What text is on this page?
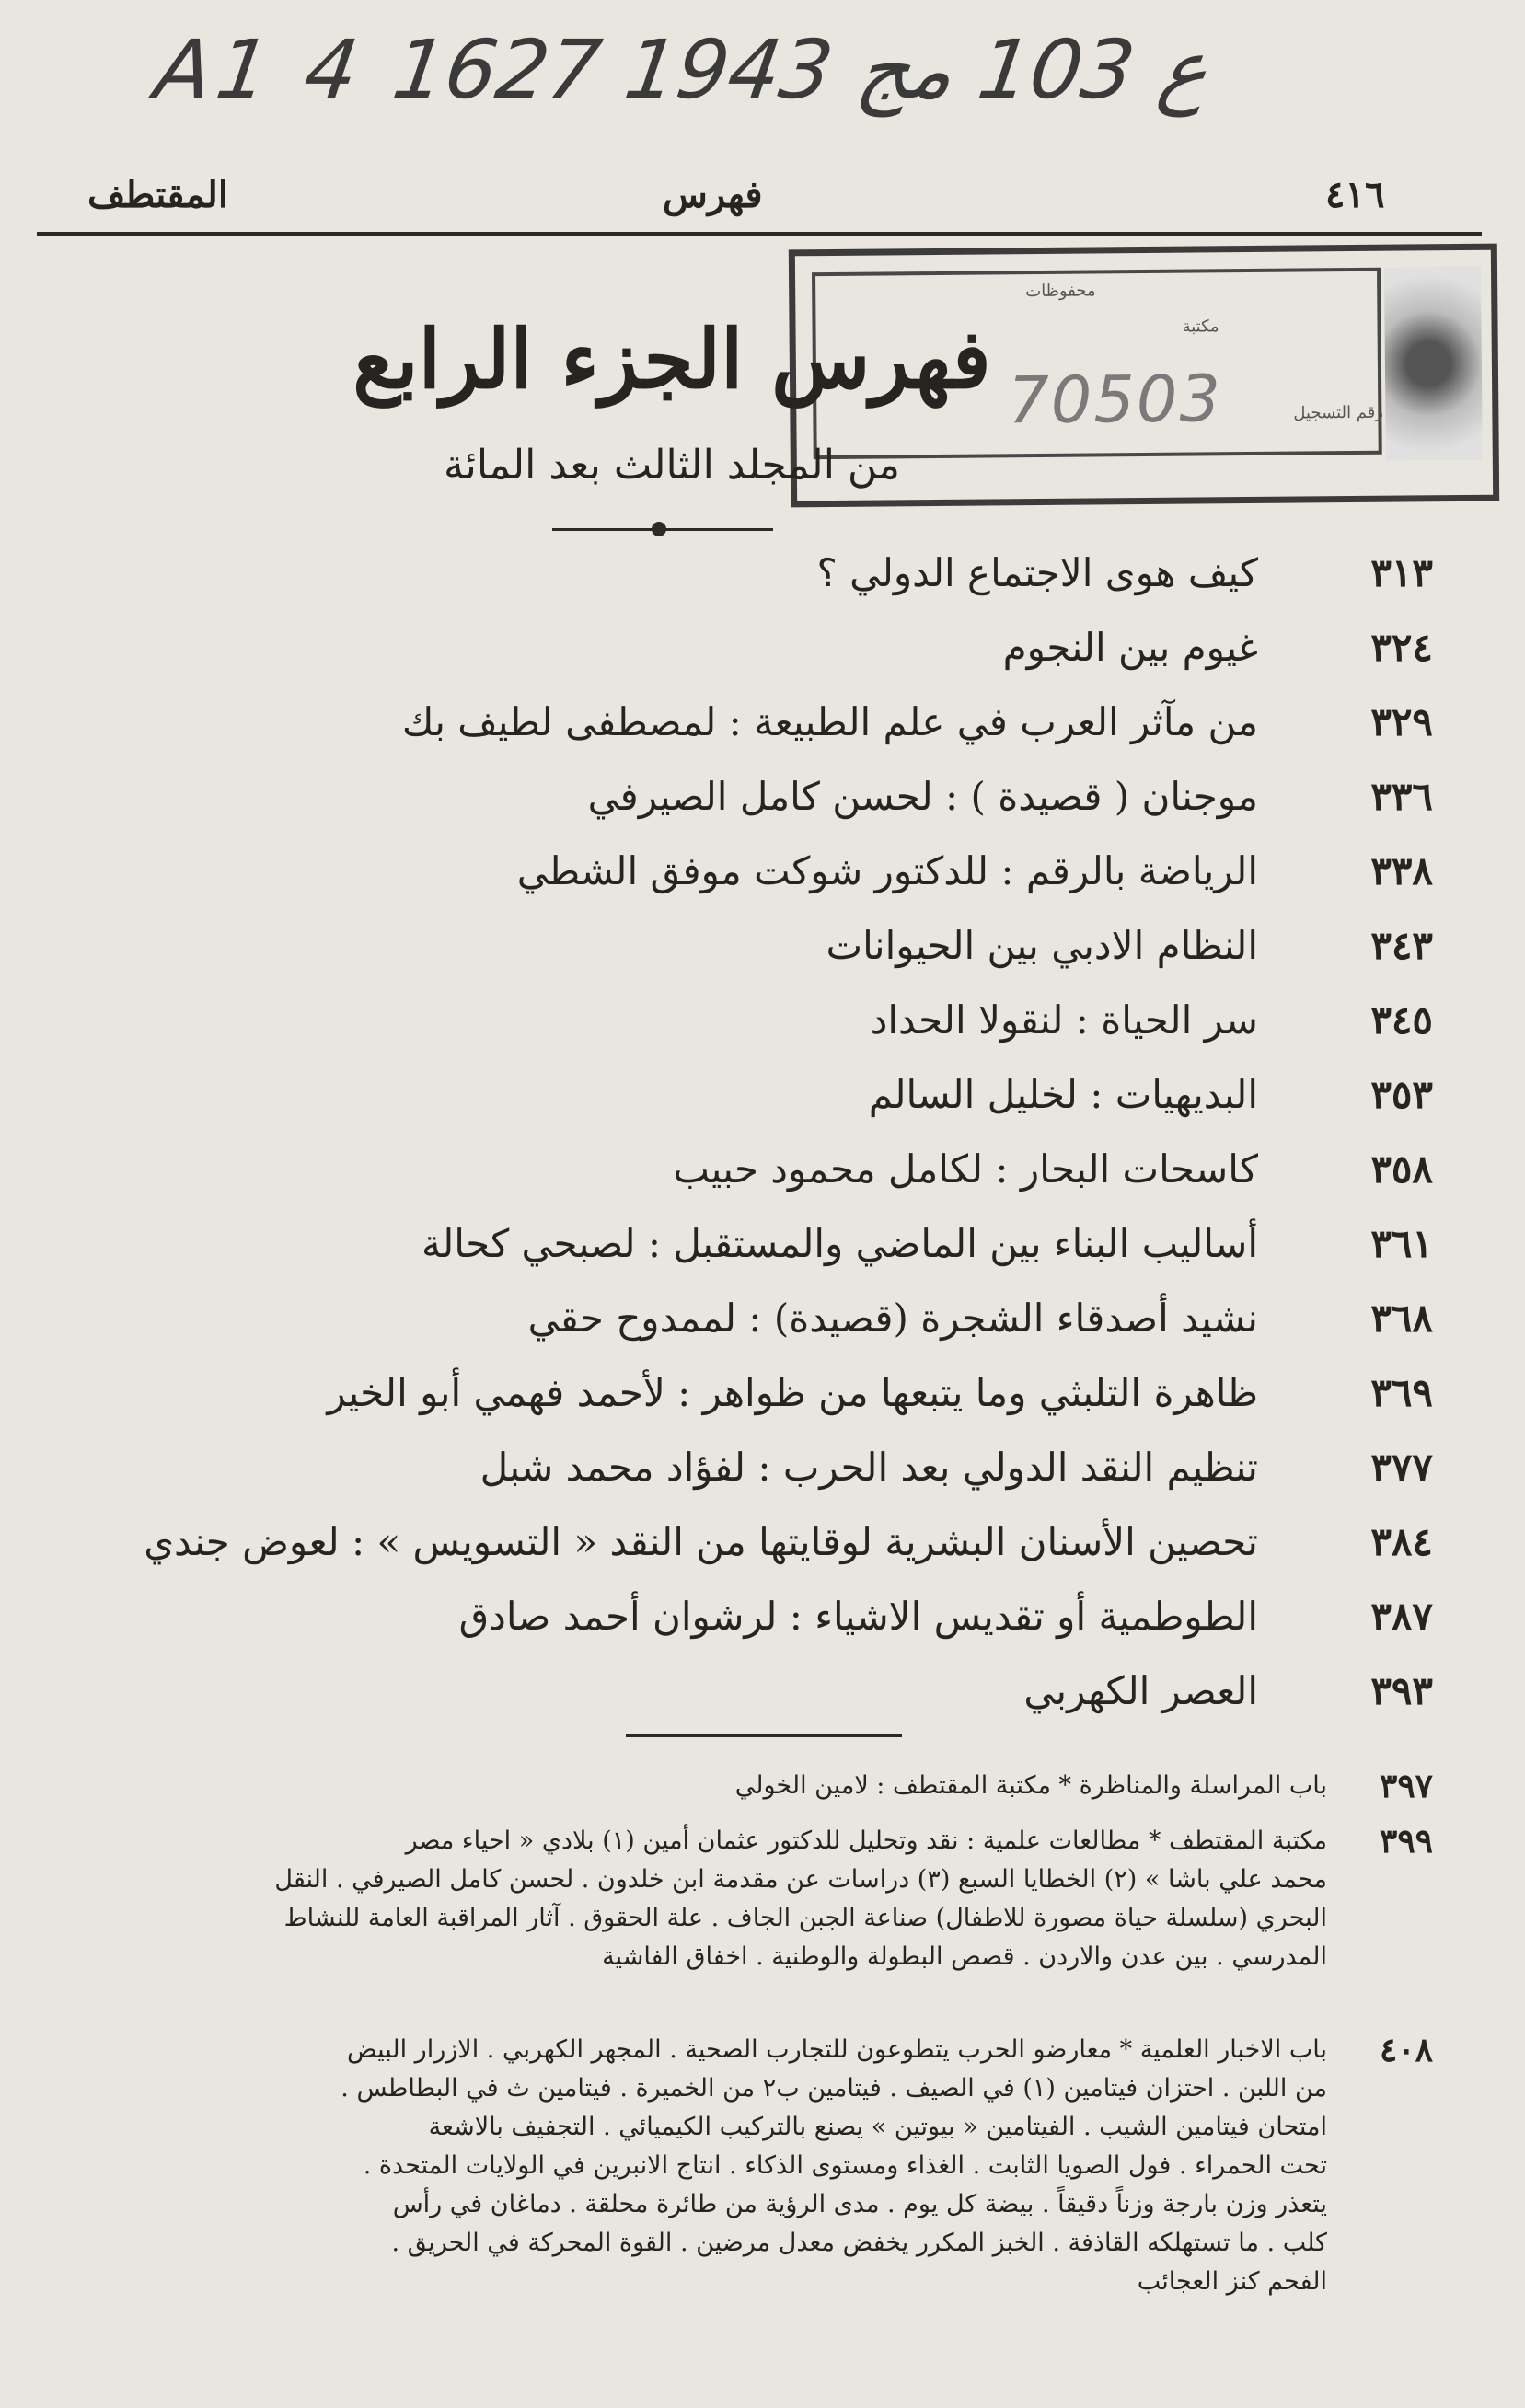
A1 4 ع 103 مج 1943 1627
٤١٦
فهرس
المقتطف
محفوظات
مكتبة
رقم التسجيل
70503
فهرس الجزء الرابع
من المجلد الثالث بعد المائة
٣١٣
كيف هوى الاجتماع الدولي ؟
٣٢٤
غيوم بين النجوم
٣٢٩
من مآثر العرب في علم الطبيعة : لمصطفى لطيف بك
٣٣٦
موجنان ( قصيدة ) : لحسن كامل الصيرفي
٣٣٨
الرياضة بالرقم : للدكتور شوكت موفق الشطي
٣٤٣
النظام الادبي بين الحيوانات
٣٤٥
سر الحياة : لنقولا الحداد
٣٥٣
البديهيات : لخليل السالم
٣٥٨
كاسحات البحار : لكامل محمود حبيب
٣٦١
أساليب البناء بين الماضي والمستقبل : لصبحي كحالة
٣٦٨
نشيد أصدقاء الشجرة (قصيدة) : لممدوح حقي
٣٦٩
ظاهرة التلبثي وما يتبعها من ظواهر : لأحمد فهمي أبو الخير
٣٧٧
تنظيم النقد الدولي بعد الحرب : لفؤاد محمد شبل
٣٨٤
تحصين الأسنان البشرية لوقايتها من النقد « التسويس » : لعوض جندي
٣٨٧
الطوطمية أو تقديس الاشياء : لرشوان أحمد صادق
٣٩٣
العصر الكهربي
٣٩٧
باب المراسلة والمناظرة * مكتبة المقتطف : لامين الخولي
٣٩٩
مكتبة المقتطف * مطالعات علمية : نقد وتحليل للدكتور عثمان أمين (١) بلادي « احياء مصر
محمد علي باشا » (٢) الخطايا السبع (٣) دراسات عن مقدمة ابن خلدون . لحسن كامل الصيرفي . النقل
البحري (سلسلة حياة مصورة للاطفال) صناعة الجبن الجاف . علة الحقوق . آثار المراقبة العامة للنشاط
المدرسي . بين عدن والاردن . قصص البطولة والوطنية . اخفاق الفاشية
٤٠٨
باب الاخبار العلمية * معارضو الحرب يتطوعون للتجارب الصحية . المجهر الكهربي . الازرار البيض
من اللبن . احتزان فيتامين (١) في الصيف . فيتامين ب٢ من الخميرة . فيتامين ث في البطاطس .
امتحان فيتامين الشيب . الفيتامين « بيوتين » يصنع بالتركيب الكيميائي . التجفيف بالاشعة
تحت الحمراء . فول الصويا الثابت . الغذاء ومستوى الذكاء . انتاج الانبرين في الولايات المتحدة .
يتعذر وزن بارجة وزناً دقيقاً . بيضة كل يوم . مدى الرؤية من طائرة محلقة . دماغان في رأس
كلب . ما تستهلكه القاذفة . الخبز المكرر يخفض معدل مرضين . القوة المحركة في الحريق .
الفحم كنز العجائب
